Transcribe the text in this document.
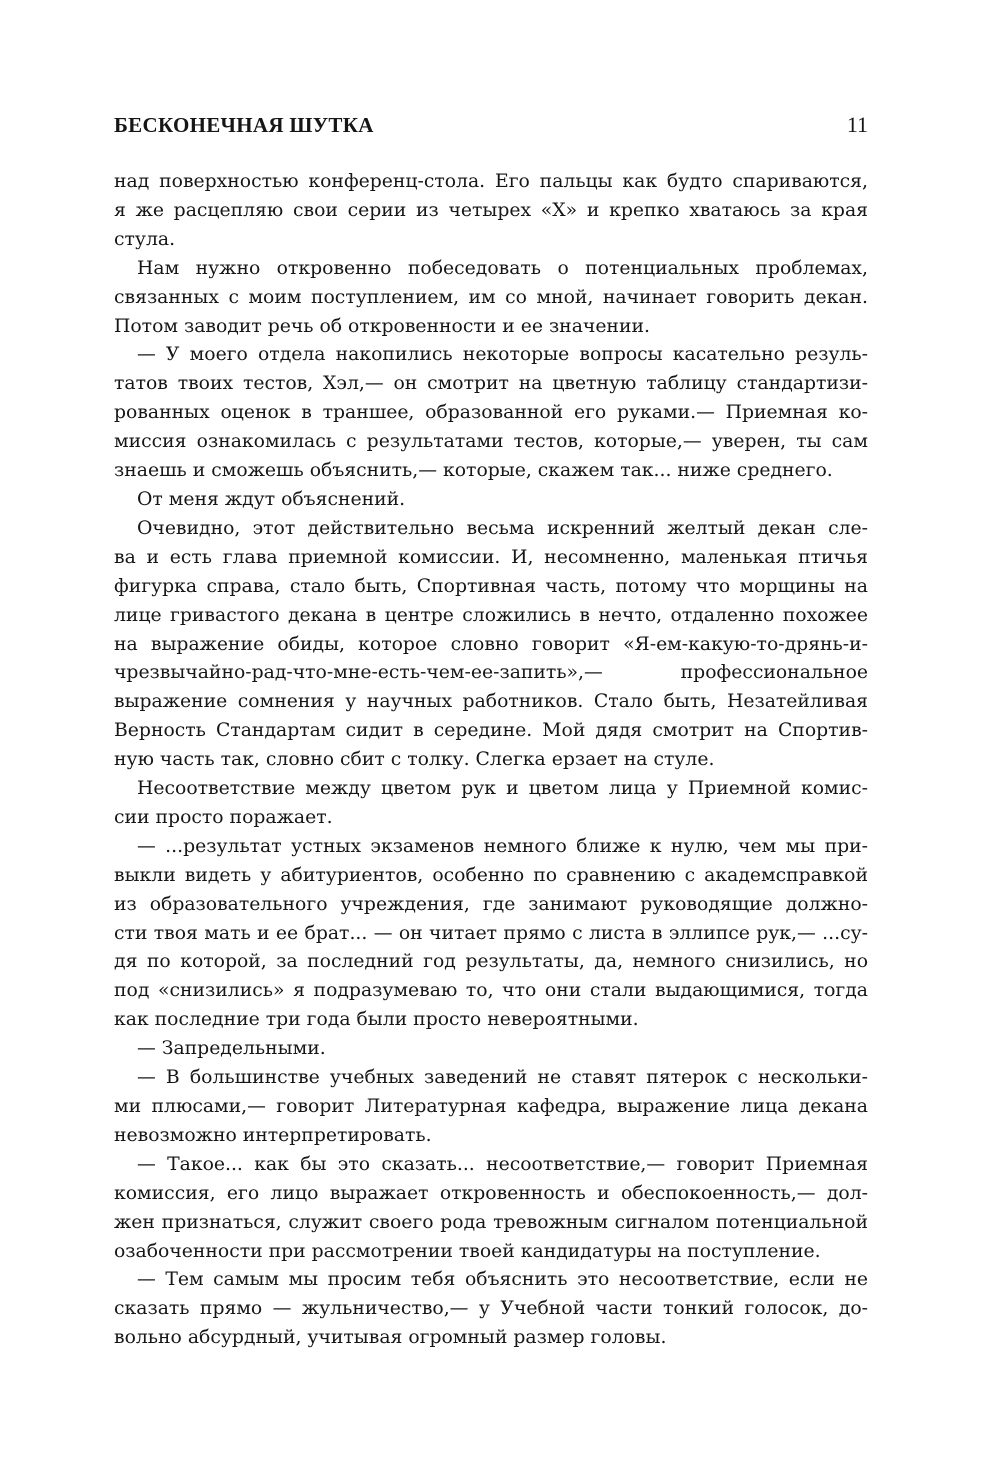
БЕСКОНЕЧНАЯ ШУТКА	11

над поверхностью конференц-стола. Его пальцы как будто спариваются,

я же расцепляю свои серии из четырех «Х» и крепко хватаюсь за края

стула.

Нам нужно откровенно побеседовать о потенциальных проблемах,

связанных с моим поступлением, им со мной, начинает говорить декан.

Потом заводит речь об откровенности и ее значении.

— У моего отдела накопились некоторые вопросы касательно резуль-

татов твоих тестов, Хэл,— он смотрит на цветную таблицу стандартизи-

рованных оценок в траншее, образованной его руками.— Приемная ко-

миссия ознакомилась с результатами тестов, которые,— уверен, ты сам

знаешь и сможешь объяснить,— которые, скажем так... ниже среднего.

От меня ждут объяснений.

Очевидно, этот действительно весьма искренний желтый декан сле-

ва и есть глава приемной комиссии. И, несомненно, маленькая птичья

фигурка справа, стало быть, Спортивная часть, потому что морщины на

лице гривастого декана в центре сложились в нечто, отдаленно похожее

на выражение обиды, которое словно говорит «Я-ем-какую-то-дрянь-и-

чрезвычайно-рад-что-мне-есть-чем-ее-запить»,— профессиональное

выражение сомнения у научных работников. Стало быть, Незатейливая

Верность Стандартам сидит в середине. Мой дядя смотрит на Спортив-

ную часть так, словно сбит с толку. Слегка ерзает на стуле.

Несоответствие между цветом рук и цветом лица у Приемной комис-

сии просто поражает.

— ...результат устных экзаменов немного ближе к нулю, чем мы при-

выкли видеть у абитуриентов, особенно по сравнению с академсправкой

из образовательного учреждения, где занимают руководящие должно-

сти твоя мать и ее брат... — он читает прямо с листа в эллипсе рук,— ...су-

дя по которой, за последний год результаты, да, немного снизились, но

под «снизились» я подразумеваю то, что они стали выдающимися, тогда

как последние три года были просто невероятными.

— Запредельными.

— В большинстве учебных заведений не ставят пятерок с нескольки-

ми плюсами,— говорит Литературная кафедра, выражение лица декана

невозможно интерпретировать.

— Такое... как бы это сказать... несоответствие,— говорит Приемная

комиссия, его лицо выражает откровенность и обеспокоенность,— дол-

жен признаться, служит своего рода тревожным сигналом потенциальной

озабоченности при рассмотрении твоей кандидатуры на поступление.

— Тем самым мы просим тебя объяснить это несоответствие, если не

сказать прямо — жульничество,— у Учебной части тонкий голосок, до-

вольно абсурдный, учитывая огромный размер головы.
